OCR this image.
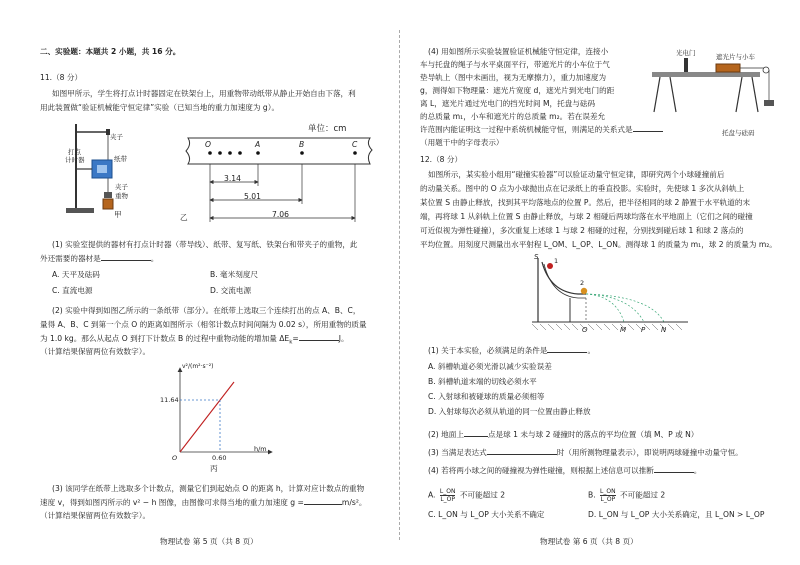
二、实验题：本题共 2 小题，共 16 分。
11.（8 分）
如图甲所示，学生将打点计时器固定在铁架台上，用重物带动纸带从静止开始自由下落，利
用此装置做“验证机械能守恒定律”实验（已知当地的重力加速度为 g）。
夹子
打点
计时器	纸带
夹子
重物
甲
单位：cm
O	A	B	C
3.14
5.01
7.06
乙
(1) 实验室提供的器材有打点计时器（带导线）、纸带、复写纸、铁架台和带夹子的重物，此
外还需要的器材是	。
A. 天平及砝码	B. 毫米刻度尺
C. 直流电源	D. 交流电源
(2) 实验中得到如图乙所示的一条纸带（部分）。在纸带上选取三个连续打出的点 A、B、C，
量得 A、B、C 到第一个点 O 的距离如图所示（相邻计数点时间间隔为 0.02 s），所用重物的质量
为 1.0 kg。那么从起点 O 到打下计数点 B 的过程中重物动能的增加量 $\Delta E_k=$	J。
（计算结果保留两位有效数字）。
v²/(m²·s⁻²)
11.64
O	0.60
h/m
丙
(3) 该同学在纸带上选取多个计数点，测量它们到起始点 O 的距离 h，计算对应计数点的重物
速度 v，得到如图丙所示的 v² − h 图像，由图像可求得当地的重力加速度 g =	m/s²。
（计算结果保留两位有效数字）。
物理试卷 第 5 页（共 8 页）
(4) 用如图所示实验装置验证机械能守恒定律，连接小
车与托盘的绳子与水平桌面平行，带遮光片的小车位于气
垫导轨上（图中未画出，视为无摩擦力），重力加速度为
g，测得如下物理量：遮光片宽度 d，遮光片到光电门的距
离 L，遮光片通过光电门的挡光时间 M，托盘与砝码
的总质量 m₁，小车和遮光片的总质量 m₂。若在误差允
许范围内能证明这一过程中系统机械能守恒，则满足的关系式是
（用题干中的字母表示）
光电门	遮光片与小车
托盘与砝码
12.（8 分）
如图所示，某实验小组用“碰撞实验器”可以验证动量守恒定律，即研究两个小球碰撞前后
的动量关系。图中的 O 点为小球抛出点在记录纸上的垂直投影。实验时，先使球 1 多次从斜轨上
某位置 S 由静止释放，找到其平均落地点的位置 P。然后，把半径相同的球 2 静置于水平轨道的末
端，再将球 1 从斜轨上位置 S 由静止释放，与球 2 相碰后两球均落在水平地面上（它们之间的碰撞
可近似视为弹性碰撞），多次重复上述球 1 与球 2 相碰的过程，分别找到碰后球 1 和球 2 落点的
平均位置。用刻度尺测量出水平射程 L_OM、L_OP、L_ON。测得球 1 的质量为 m₁，球 2 的质量为 m₂。
S 1
2
O	M P N
(1) 关于本实验，必须满足的条件是	。
A. 斜槽轨道必须光滑以减少实验误差
B. 斜槽轨道末端的切线必须水平
C. 入射球和被碰球的质量必须相等
D. 入射球每次必须从轨道的同一位置由静止释放
(2) 地面上	点是球 1 未与球 2 碰撞时的落点的平均位置（填 M、P 或 N）
(3) 当满足表达式	时（用所测物理量表示），即说明两球碰撞中动量守恒。
(4) 若将两小球之间的碰撞视为弹性碰撞，则根据上述信息可以推断	。
A. $\frac{L\_ON}{L\_OP}$ 不可能超过 2	B. $\frac{L\_ON}{L\_OP}$ 不可能超过 2
C. L_ON 与 L_OP 大小关系不确定	D. L_ON 与 L_OP 大小关系确定，且 L_ON > L_OP
物理试卷 第 6 页（共 8 页）
